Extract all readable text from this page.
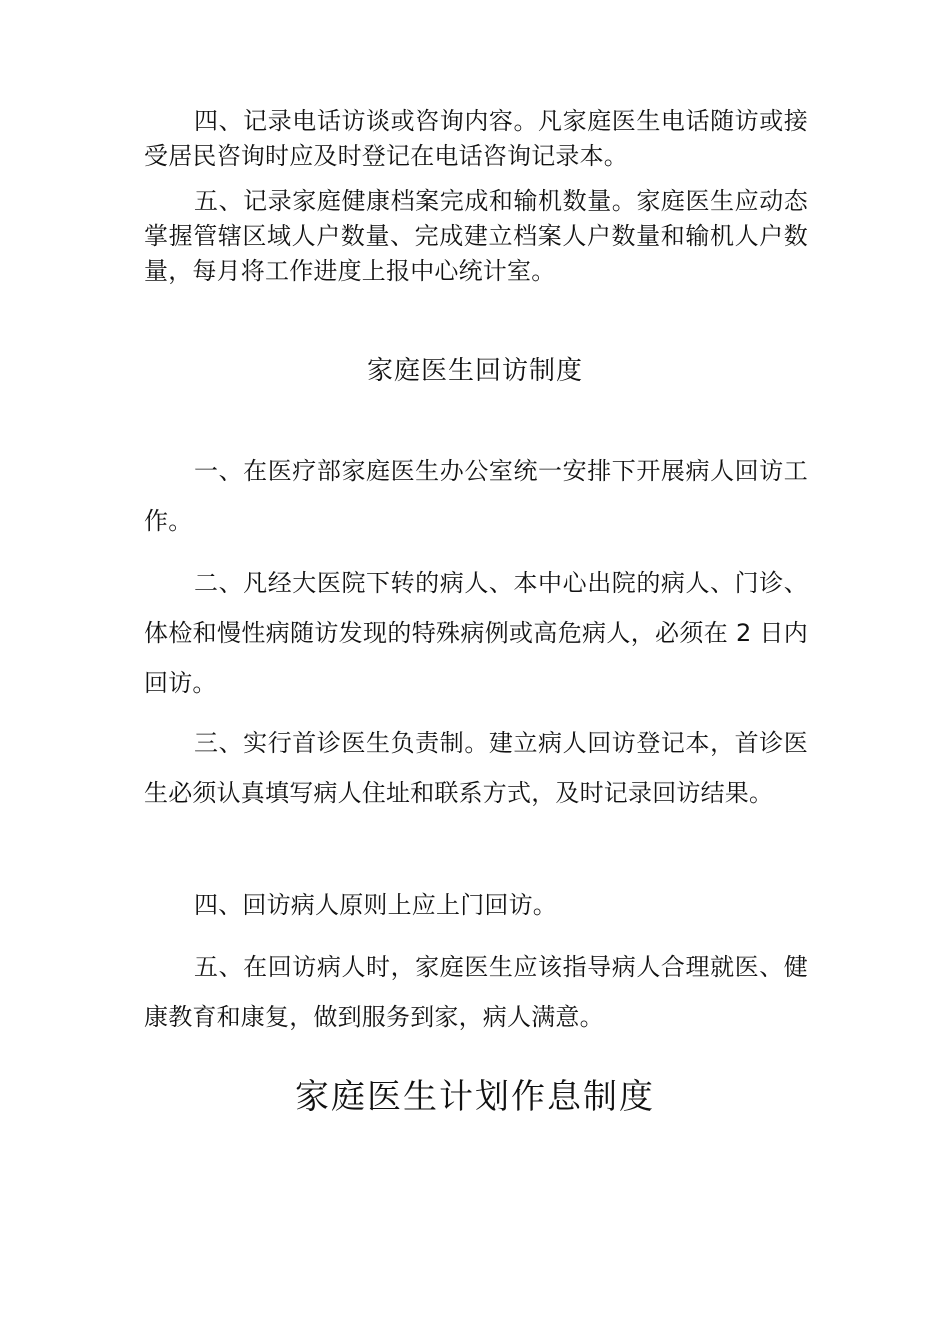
四、记录电话访谈或咨询内容。凡家庭医生电话随访或接受居民咨询时应及时登记在电话咨询记录本。

五、记录家庭健康档案完成和输机数量。家庭医生应动态掌握管辖区域人户数量、完成建立档案人户数量和输机人户数量，每月将工作进度上报中心统计室。

家庭医生回访制度

一、在医疗部家庭医生办公室统一安排下开展病人回访工作。

二、凡经大医院下转的病人、本中心出院的病人、门诊、体检和慢性病随访发现的特殊病例或高危病人，必须在 2 日内回访。

三、实行首诊医生负责制。建立病人回访登记本，首诊医生必须认真填写病人住址和联系方式，及时记录回访结果。

四、回访病人原则上应上门回访。

五、在回访病人时，家庭医生应该指导病人合理就医、健康教育和康复，做到服务到家，病人满意。

家庭医生计划作息制度
